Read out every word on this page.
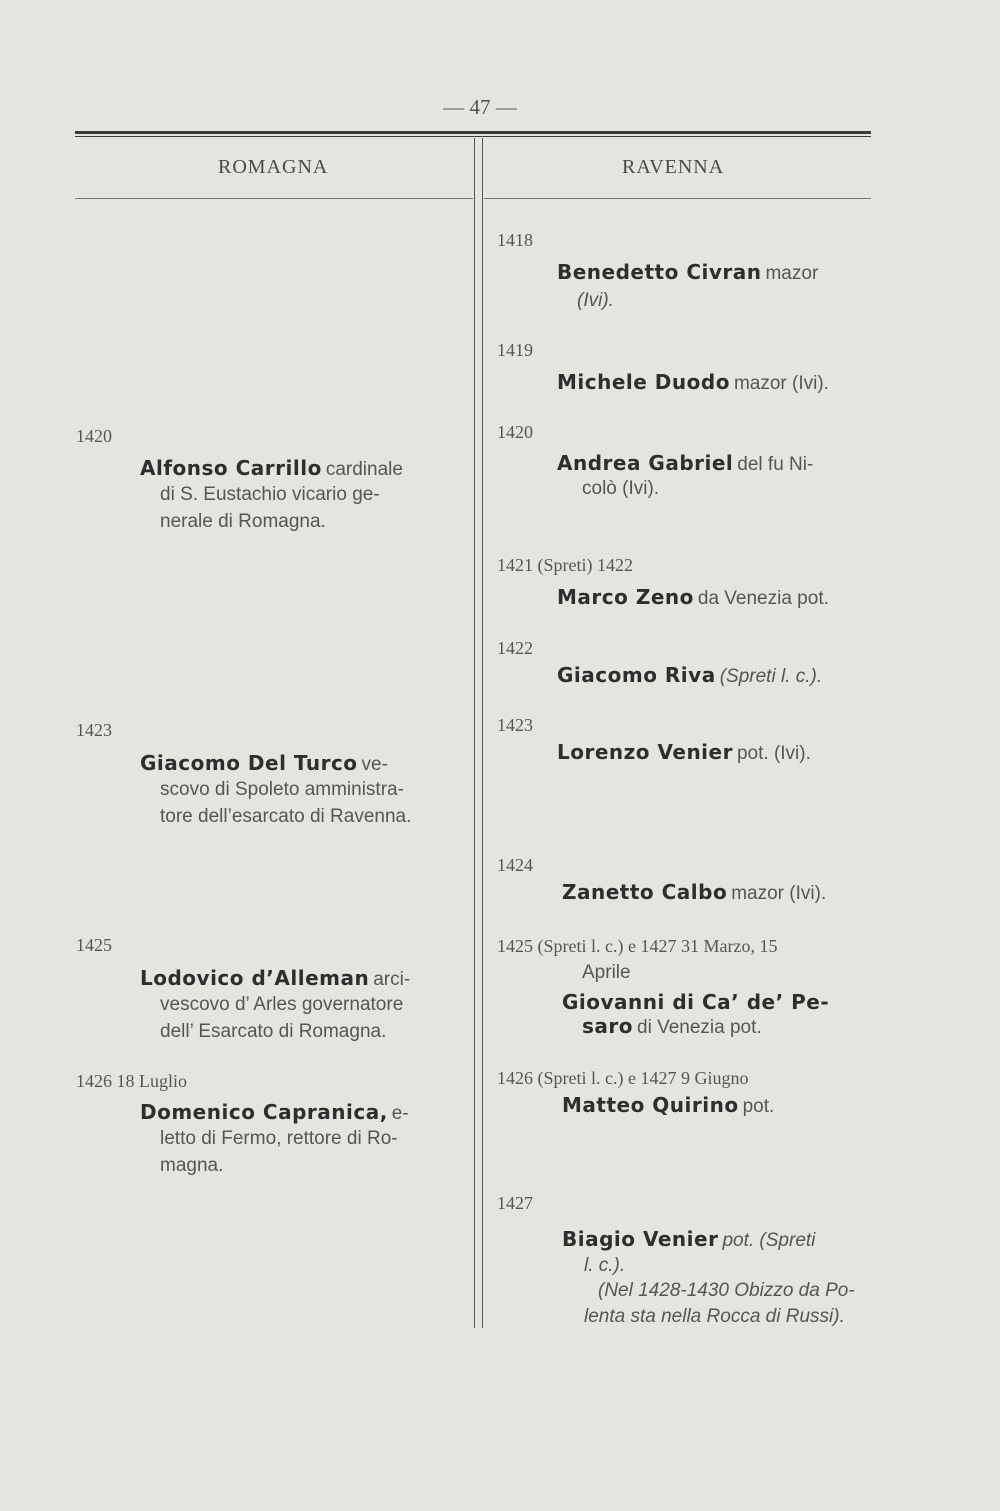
— 47 —
ROMAGNA	RAVENNA
1420
Alfonso Carrillo cardinale
di S. Eustachio vicario ge-
nerale di Romagna.
1423
Giacomo Del Turco ve-
scovo di Spoleto amministra-
tore dell’esarcato di Ravenna.
1425
Lodovico d’Alleman arci-
vescovo d’ Arles governatore
dell’ Esarcato di Romagna.
1426 18 Luglio
Domenico Capranica, e-
letto di Fermo, rettore di Ro-
magna.
1418
Benedetto Civran mazor
(Ivi).
1419
Michele Duodo mazor (Ivi).
1420
Andrea Gabriel del fu Ni-
colò (Ivi).
1421 (Spreti) 1422
Marco Zeno da Venezia pot.
1422
Giacomo Riva (Spreti l. c.).
1423
Lorenzo Venier pot. (Ivi).
1424
Zanetto Calbo mazor (Ivi).
1425 (Spreti l. c.) e 1427 31 Marzo, 15
Aprile
Giovanni di Ca’ de’ Pe-
saro di Venezia pot.
1426 (Spreti l. c.) e 1427 9 Giugno
Matteo Quirino pot.
1427
Biagio Venier pot. (Spreti
l. c.).
(Nel 1428-1430 Obizzo da Po-
lenta sta nella Rocca di Russi).
